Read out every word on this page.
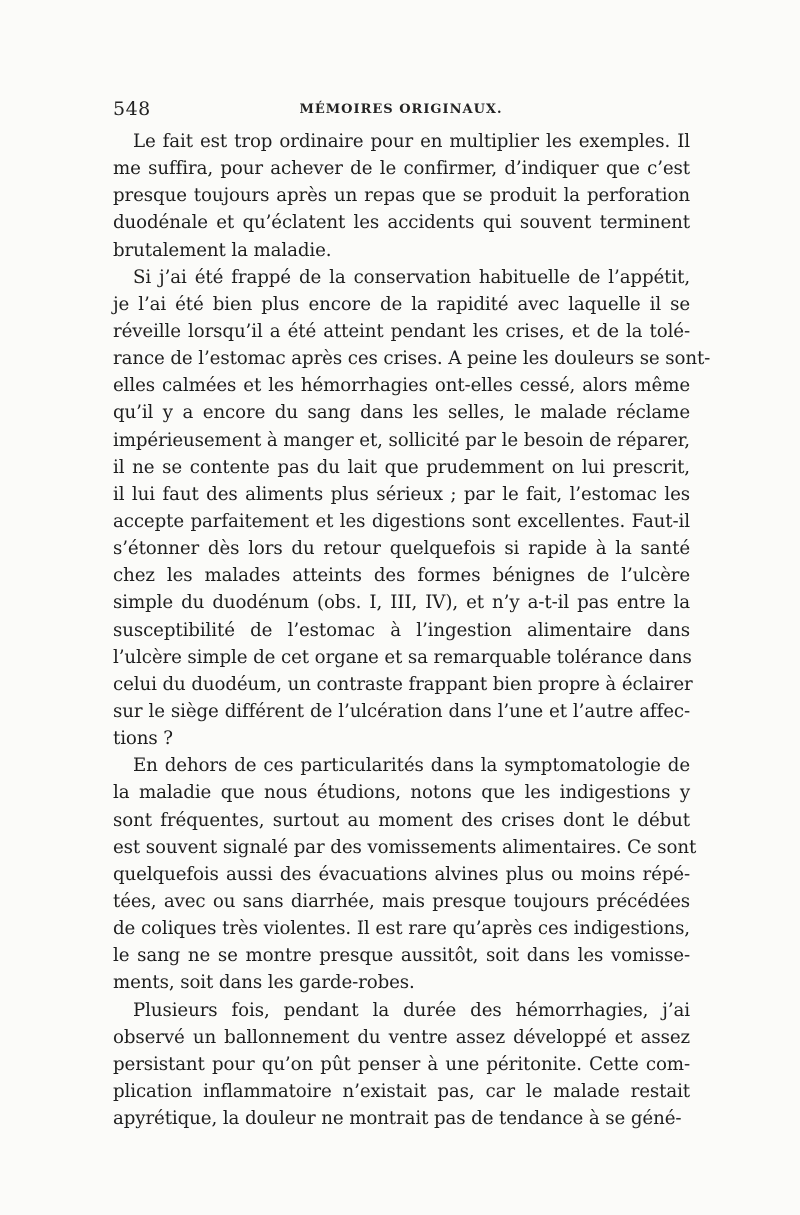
548	MÉMOIRES ORIGINAUX.
Le fait est trop ordinaire pour en multiplier les exemples. Il
me suffira, pour achever de le confirmer, d’indiquer que c’est
presque toujours après un repas que se produit la perforation
duodénale et qu’éclatent les accidents qui souvent terminent
brutalement la maladie.
Si j’ai été frappé de la conservation habituelle de l’appétit,
je l’ai été bien plus encore de la rapidité avec laquelle il se
réveille lorsqu’il a été atteint pendant les crises, et de la tolé-
rance de l’estomac après ces crises. A peine les douleurs se sont-
elles calmées et les hémorrhagies ont-elles cessé, alors même
qu’il y a encore du sang dans les selles, le malade réclame
impérieusement à manger et, sollicité par le besoin de réparer,
il ne se contente pas du lait que prudemment on lui prescrit,
il lui faut des aliments plus sérieux ; par le fait, l’estomac les
accepte parfaitement et les digestions sont excellentes. Faut-il
s’étonner dès lors du retour quelquefois si rapide à la santé
chez les malades atteints des formes bénignes de l’ulcère
simple du duodénum (obs. I, III, IV), et n’y a-t-il pas entre la
susceptibilité de l’estomac à l’ingestion alimentaire dans
l’ulcère simple de cet organe et sa remarquable tolérance dans
celui du duodéum, un contraste frappant bien propre à éclairer
sur le siège différent de l’ulcération dans l’une et l’autre affec-
tions ?
En dehors de ces particularités dans la symptomatologie de
la maladie que nous étudions, notons que les indigestions y
sont fréquentes, surtout au moment des crises dont le début
est souvent signalé par des vomissements alimentaires. Ce sont
quelquefois aussi des évacuations alvines plus ou moins répé-
tées, avec ou sans diarrhée, mais presque toujours précédées
de coliques très violentes. Il est rare qu’après ces indigestions,
le sang ne se montre presque aussitôt, soit dans les vomisse-
ments, soit dans les garde-robes.
Plusieurs fois, pendant la durée des hémorrhagies, j’ai
observé un ballonnement du ventre assez développé et assez
persistant pour qu’on pût penser à une péritonite. Cette com-
plication inflammatoire n’existait pas, car le malade restait
apyrétique, la douleur ne montrait pas de tendance à se géné-
